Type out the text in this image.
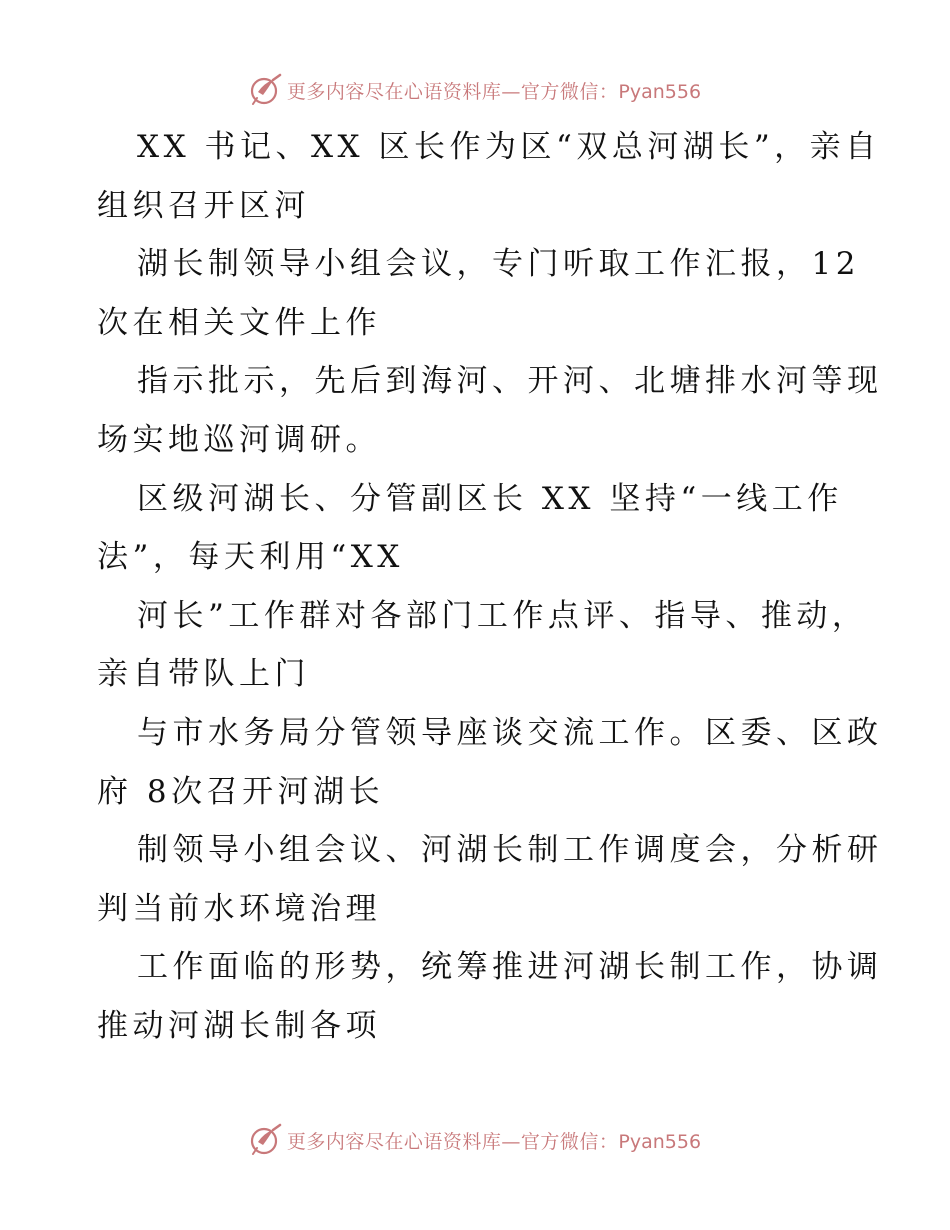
更多内容尽在心语资料库—官方微信：Pyan556
XX 书记、XX 区长作为区“双总河湖长”，亲自
组织召开区河
湖长制领导小组会议，专门听取工作汇报，12
次在相关文件上作
指示批示，先后到海河、开河、北塘排水河等现
场实地巡河调研。
区级河湖长、分管副区长 XX 坚持“一线工作
法”，每天利用“XX
河长”工作群对各部门工作点评、指导、推动，
亲自带队上门
与市水务局分管领导座谈交流工作。区委、区政
府 8次召开河湖长
制领导小组会议、河湖长制工作调度会，分析研
判当前水环境治理
工作面临的形势，统筹推进河湖长制工作，协调
推动河湖长制各项
更多内容尽在心语资料库—官方微信：Pyan556
